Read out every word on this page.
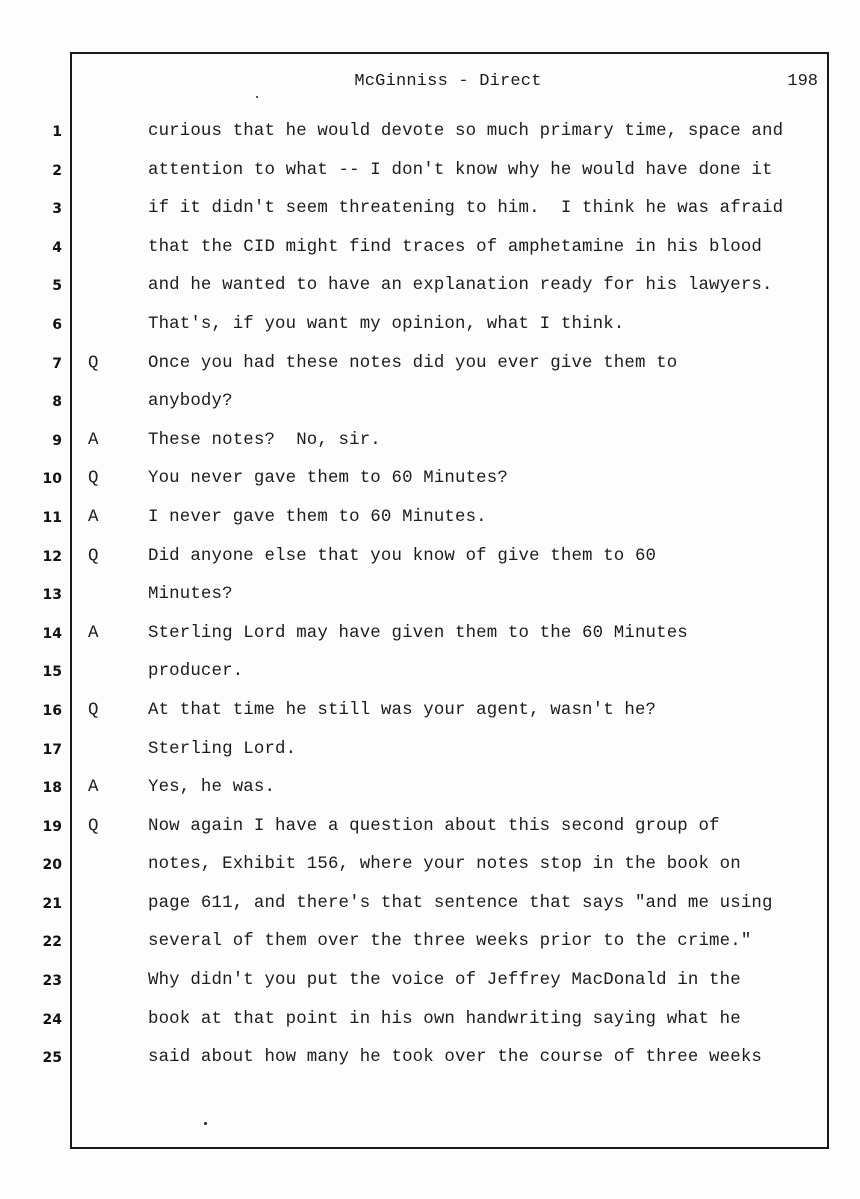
McGinniss - Direct	198
1
2
3
4
5
6
7
8
9
10
11
12
13
14
15
16
17
18
19
20
21
22
23
24
25
curious that he would devote so much primary time, space and
attention to what -- I don't know why he would have done it
if it didn't seem threatening to him.  I think he was afraid
that the CID might find traces of amphetamine in his blood
and he wanted to have an explanation ready for his lawyers.
That's, if you want my opinion, what I think.
Q	Once you had these notes did you ever give them to
anybody?
A	These notes?  No, sir.
Q	You never gave them to 60 Minutes?
A	I never gave them to 60 Minutes.
Q	Did anyone else that you know of give them to 60
Minutes?
A	Sterling Lord may have given them to the 60 Minutes
producer.
Q	At that time he still was your agent, wasn't he?
Sterling Lord.
A	Yes, he was.
Q	Now again I have a question about this second group of
notes, Exhibit 156, where your notes stop in the book on
page 611, and there's that sentence that says "and me using
several of them over the three weeks prior to the crime."
Why didn't you put the voice of Jeffrey MacDonald in the
book at that point in his own handwriting saying what he
said about how many he took over the course of three weeks
